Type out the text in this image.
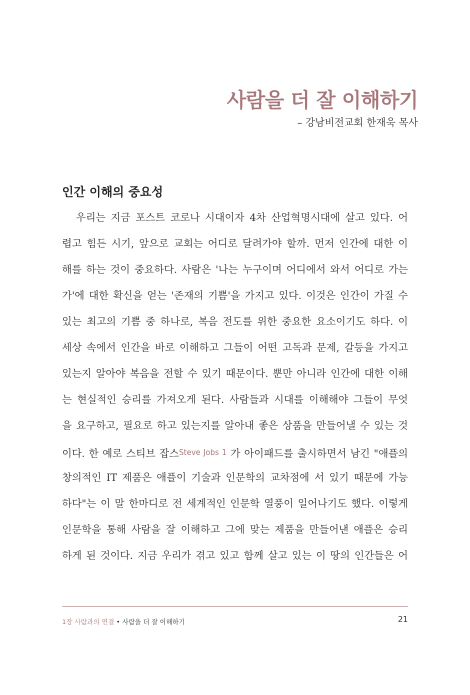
사람을 더 잘 이해하기
– 강남비전교회 한재욱 목사
인간 이해의 중요성
우리는 지금 포스트 코로나 시대이자 4차 산업혁명시대에 살고 있다. 어
렵고 힘든 시기, 앞으로 교회는 어디로 달려가야 할까. 먼저 인간에 대한 이
해를 하는 것이 중요하다. 사람은 '나는 누구이며 어디에서 와서 어디로 가는
가'에 대한 확신을 얻는 '존재의 기쁨'을 가지고 있다. 이것은 인간이 가질 수
있는 최고의 기쁨 중 하나로, 복음 전도를 위한 중요한 요소이기도 하다. 이
세상 속에서 인간을 바로 이해하고 그들이 어떤 고독과 문제, 갈등을 가지고
있는지 알아야 복음을 전할 수 있기 때문이다. 뿐만 아니라 인간에 대한 이해
는 현실적인 승리를 가져오게 된다. 사람들과 시대를 이해해야 그들이 무엇
을 요구하고, 필요로 하고 있는지를 알아내 좋은 상품을 만들어낼 수 있는 것
이다. 한 예로 스티브 잡스$^{Steve Jobs 1}$ 가 아이패드를 출시하면서 남긴 "애플의
창의적인 IT 제품은 애플이 기술과 인문학의 교차점에 서 있기 때문에 가능
하다"는 이 말 한마디로 전 세계적인 인문학 열풍이 일어나기도 했다. 이렇게
인문학을 통해 사람을 잘 이해하고 그에 맞는 제품을 만들어낸 애플은 승리
하게 된 것이다. 지금 우리가 겪고 있고 함께 살고 있는 이 땅의 인간들은 어
1장 사람과의 연결 • 사람을 더 잘 이해하기	21
